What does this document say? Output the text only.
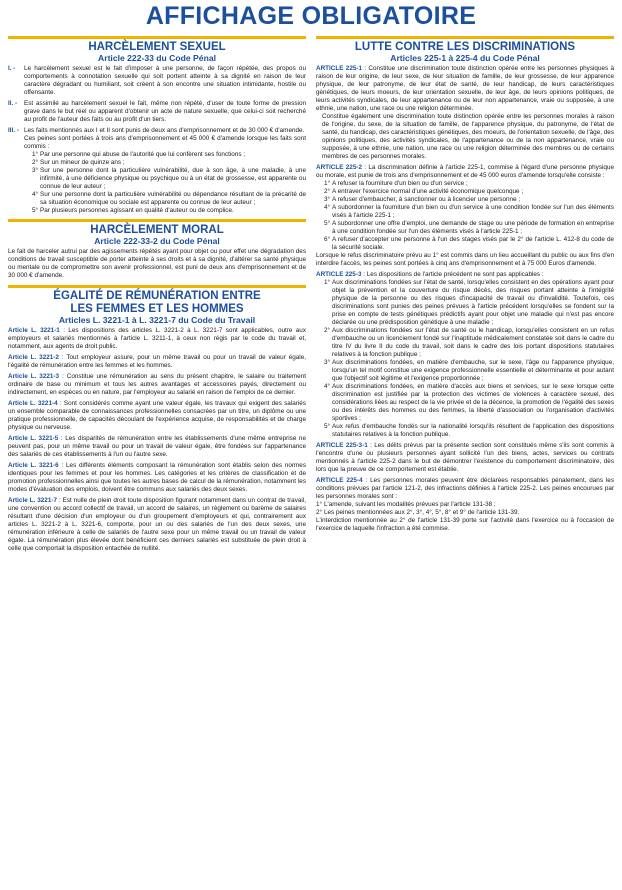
AFFICHAGE OBLIGATOIRE
HARCÈLEMENT SEXUEL
Article 222-33 du Code Pénal
I. -	Le harcèlement sexuel est le fait d'imposer à une personne, de façon répétée, des propos ou comportements à connotation sexuelle qui soit portent atteinte à sa dignité en raison de leur caractère dégradant ou humiliant, soit créent à son encontre une situation intimidante, hostile ou offensante.
II. -	Est assimilé au harcèlement sexuel le fait, même non répété, d'user de toute forme de pression grave dans le but réel ou apparent d'obtenir un acte de nature sexuelle, que celui-ci soit recherché au profit de l'auteur des faits ou au profit d'un tiers.
III. - Les faits mentionnés aux I et II sont punis de deux ans d'emprisonnement et de 30 000 € d'amende.
Ces peines sont portées à trois ans d'emprisonnement et 45 000 € d'amende lorsque les faits sont commis :
1° Par une personne qui abuse de l'autorité que lui confèrent ses fonctions ;
2° Sur un mineur de quinze ans ;
3° Sur une personne dont la particulière vulnérabilité, due à son âge, à une maladie, à une infirmité, à une déficience physique ou psychique ou à un état de grossesse, est apparente ou connue de leur auteur ;
4° Sur une personne dont la particulière vulnérabilité ou dépendance résultant de la précarité de sa situation économique ou sociale est apparente ou connue de leur auteur ;
5° Par plusieurs personnes agissant en qualité d'auteur ou de complice.
HARCÈLEMENT MORAL
Article 222-33-2 du Code Pénal
Le fait de harceler autrui par des agissements répétés ayant pour objet ou pour effet une dégradation des conditions de travail susceptible de porter atteinte à ses droits et à sa dignité, d'altérer sa santé physique ou mentale ou de compromettre son avenir professionnel, est puni de deux ans d'emprisonnement et de 30 000 € d'amende.
ÉGALITÉ DE RÉMUNÉRATION ENTRE
LES FEMMES ET LES HOMMES
Articles L. 3221-1 à L. 3221-7 du Code du Travail
Article L. 3221-1 : Les dispositions des articles L. 3221-2 à L. 3221-7 sont applicables, outre aux employeurs et salariés mentionnés à l'article L. 3211-1, à ceux non régis par le code du travail et, notamment, aux agents de droit public.
Article L. 3221-2 : Tout employeur assure, pour un même travail ou pour un travail de valeur égale, l'égalité de rémunération entre les femmes et les hommes.
Article L. 3221-3 : Constitue une rémunération au sens du présent chapitre, le salaire ou traitement ordinaire de base ou minimum et tous les autres avantages et accessoires payés, directement ou indirectement, en espèces ou en nature, par l'employeur au salarié en raison de l'emploi de ce dernier.
Article L. 3221-4 : Sont considérés comme ayant une valeur égale, les travaux qui exigent des salariés un ensemble comparable de connaissances professionnelles consacrées par un titre, un diplôme ou une pratique professionnelle, de capacités découlant de l'expérience acquise, de responsabilités et de charge physique ou nerveuse.
Article L. 3221-5 : Les disparités de rémunération entre les établissements d'une même entreprise ne peuvent pas, pour un même travail ou pour un travail de valeur égale, être fondées sur l'appartenance des salariés de ces établissements à l'un ou l'autre sexe.
Article L. 3221-6 : Les différents éléments composant la rémunération sont établis selon des normes identiques pour les femmes et pour les hommes. Les catégories et les critères de classification et de promotion professionnelles ainsi que toutes les autres bases de calcul de la rémunération, notamment les modes d'évaluation des emplois, doivent être communs aux salariés des deux sexes.
Article L. 3221-7 : Est nulle de plein droit toute disposition figurant notamment dans un contrat de travail, une convention ou accord collectif de travail, un accord de salaires, un règlement ou barème de salaires résultant d'une décision d'un employeur ou d'un groupement d'employeurs et qui, contrairement aux articles L. 3221-2 à L. 3221-6, comporte, pour un ou des salariés de l'un des deux sexes, une rémunération inférieure à celle de salariés de l'autre sexe pour un même travail ou un travail de valeur égale. La rémunération plus élevée dont bénéficient ces derniers salariés est substituée de plein droit à celle que comportait la disposition entachée de nullité.
LUTTE CONTRE LES DISCRIMINATIONS
Articles 225-1 à 225-4 du Code Pénal
ARTICLE 225-1 : Constitue une discrimination toute distinction opérée entre les personnes physiques à raison de leur origine, de leur sexe, de leur situation de famille, de leur grossesse, de leur apparence physique, de leur patronyme, de leur état de santé, de leur handicap, de leurs caractéristiques génétiques, de leurs moeurs, de leur orientation sexuelle, de leur âge, de leurs opinions politiques, de leurs activités syndicales, de leur appartenance ou de leur non appartenance, vraie ou supposée, à une ethnie, une nation, une race ou une religion déterminée.
Constitue également une discrimination toute distinction opérée entre les personnes morales à raison de l'origine, du sexe, de la situation de famille, de l'apparence physique, du patronyme, de l'état de santé, du handicap, des caractéristiques génétiques, des moeurs, de l'orientation sexuelle, de l'âge, des opinions politiques, des activités syndicales, de l'appartenance ou de la non appartenance, vraie ou supposée, à une ethnie, une nation, une race ou une religion déterminée des membres ou de certains membres de ces personnes morales.
ARTICLE 225-2 : La discrimination définie à l'article 225-1, commise à l'égard d'une personne physique ou morale, est punie de trois ans d'emprisonnement et de 45 000 euros d'amende lorsqu'elle consiste :
1° A refuser la fourniture d'un bien ou d'un service ;
2° A entraver l'exercice normal d'une activité économique quelconque ;
3° A refuser d'embaucher, à sanctionner ou à licencier une personne ;
4° A subordonner la fourniture d'un bien ou d'un service à une condition fondée sur l'un des éléments visés à l'article 225-1 ;
5° A subordonner une offre d'emploi, une demande de stage ou une période de formation en entreprise à une condition fondée sur l'un des éléments visés à l'article 225-1 ;
6° A refuser d'accepter une personne à l'un des stages visés par le 2° de l'article L. 412-8 du code de la sécurité sociale.
Lorsque le refus discriminatoire prévu au 1° est commis dans un lieu accueillant du public ou aux fins d'en interdire l'accès, les peines sont portées à cinq ans d'emprisonnement et à 75 000 Euros d'amende.
ARTICLE 225-3 : Les dispositions de l'article précédent ne sont pas applicables :
1° Aux discriminations fondées sur l'état de santé, lorsqu'elles consistent en des opérations ayant pour objet la prévention et la couverture du risque décès, des risques portant atteinte à l'intégrité physique de la personne ou des risques d'incapacité de travail ou d'invalidité. Toutefois, ces discriminations sont punies des peines prévues à l'article précédent lorsqu'elles se fondent sur la prise en compte de tests génétiques prédictifs ayant pour objet une maladie qui n'est pas encore déclarée ou une prédisposition génétique à une maladie ;
2° Aux discriminations fondées sur l'état de santé ou le handicap, lorsqu'elles consistent en un refus d'embauche ou un licenciement fondé sur l'inaptitude médicalement constatée soit dans le cadre du titre IV du livre II du code du travail, soit dans le cadre des lois portant dispositions statutaires relatives à la fonction publique ;
3° Aux discriminations fondées, en matière d'embauche, sur le sexe, l'âge ou l'apparence physique, lorsqu'un tel motif constitue une exigence professionnelle essentielle et déterminante et pour autant que l'objectif soit légitime et l'exigence proportionnée ;
4° Aux discriminations fondées, en matière d'accès aux biens et services, sur le sexe lorsque cette discrimination est justifiée par la protection des victimes de violences à caractère sexuel, des considérations liées au respect de la vie privée et de la décence, la promotion de l'égalité des sexes ou des intérêts des hommes ou des femmes, la liberté d'association ou l'organisation d'activités sportives ;
5° Aux refus d'embauche fondés sur la nationalité lorsqu'ils résultent de l'application des dispositions statutaires relatives à la fonction publique.
ARTICLE 225-3-1 : Les délits prévus par la présente section sont constitués même s'ils sont commis à l'encontre d'une ou plusieurs personnes ayant sollicité l'un des biens, actes, services ou contrats mentionnés à l'article 225-2 dans le but de démontrer l'existence du comportement discriminatoire, dès lors que la preuve de ce comportement est établie.
ARTICLE 225-4 : Les personnes morales peuvent être déclarées responsables pénalement, dans les conditions prévues par l'article 121-2, des infractions définies à l'article 225-2. Les peines encourues par les personnes morales sont :
1° L'amende, suivant les modalités prévues par l'article 131-38 ;
2° Les peines mentionnées aux 2°, 3°, 4°, 5°, 8° et 9° de l'article 131-39.
L'interdiction mentionnée au 2° de l'article 131-39 porte sur l'activité dans l'exercice ou à l'occasion de l'exercice de laquelle l'infraction a été commise.
